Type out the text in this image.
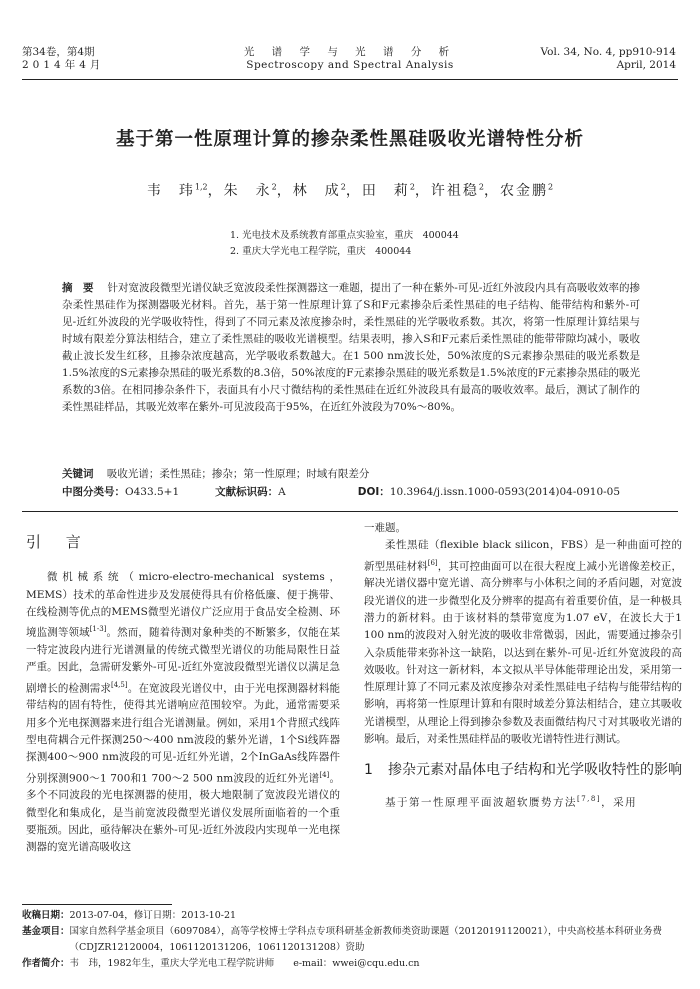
第34卷，第4期
2014年4月
光 谱 学 与 光 谱 分 析
Spectroscopy and Spectral Analysis
Vol. 34, No. 4, pp910-914
April, 2014
基于第一性原理计算的掺杂柔性黑硅吸收光谱特性分析
韦　玮$^{1,2}$，朱　永$^2$，林　成$^2$，田　莉$^2$，许祖稳$^2$，农金鹏$^2$
1. 光电技术及系统教育部重点实验室，重庆　400044
2. 重庆大学光电工程学院，重庆　400044
摘　要 针对宽波段微型光谱仪缺乏宽波段柔性探测器这一难题，提出了一种在紫外-可见-近红外波段内具有高吸收效率的掺杂柔性黑硅作为探测器吸光材料。首先，基于第一性原理计算了S和F元素掺杂后柔性黑硅的电子结构、能带结构和紫外-可见-近红外波段的光学吸收特性，得到了不同元素及浓度掺杂时，柔性黑硅的光学吸收系数。其次，将第一性原理计算结果与时域有限差分算法相结合，建立了柔性黑硅的吸收光谱模型。结果表明，掺入S和F元素后柔性黑硅的能带带隙均减小，吸收截止波长发生红移，且掺杂浓度越高，光学吸收系数越大。在1 500 nm波长处，50%浓度的S元素掺杂黑硅的吸光系数是1.5%浓度的S元素掺杂黑硅的吸光系数的8.3倍，50%浓度的F元素掺杂黑硅的吸光系数是1.5%浓度的F元素掺杂黑硅的吸光系数的3倍。在相同掺杂条件下，表面具有小尺寸微结构的柔性黑硅在近红外波段具有最高的吸收效率。最后，测试了制作的柔性黑硅样品，其吸光效率在紫外-可见波段高于95%，在近红外波段为70%～80%。
关键词 吸收光谱；柔性黑硅；掺杂；第一性原理；时域有限差分
中图分类号：O433.5+1	文献标识码：A	DOI：10.3964/j.issn.1000-0593(2014)04-0910-05
引 言

微机械系统（micro-electro-mechanical systems，MEMS）技术的革命性进步及发展使得具有价格低廉、便于携带、在线检测等优点的MEMS微型光谱仪广泛应用于食品安全检测、环境监测等领域[1-3]。然而，随着待测对象种类的不断繁多，仅能在某一特定波段内进行光谱测量的传统式微型光谱仪的功能局限性日益严重。因此，急需研发紫外-可见-近红外宽波段微型光谱仪以满足急剧增长的检测需求[4,5]。在宽波段光谱仪中，由于光电探测器材料能带结构的固有特性，使得其光谱响应范围较窄。为此，通常需要采用多个光电探测器来进行组合光谱测量。例如，采用1个背照式线阵型电荷耦合元件探测250～400 nm波段的紫外光谱，1个Si线阵器探测400～900 nm波段的可见-近红外光谱，2个InGaAs线阵器件分别探测900～1 700和1 700～2 500 nm波段的近红外光谱[4]。多个不同波段的光电探测器的使用，极大地限制了宽波段光谱仪的微型化和集成化，是当前宽波段微型光谱仪发展所面临着的一个重要瓶颈。因此，亟待解决在紫外-可见-近红外波段内实现单一光电探测器的宽光谱高吸收这

一难题。

柔性黑硅（flexible black silicon，FBS）是一种曲面可控的新型黑硅材料[6]，其可控曲面可以在很大程度上减小光谱像差校正，解决光谱仪器中宽光谱、高分辨率与小体积之间的矛盾问题，对宽波段光谱仪的进一步微型化及分辨率的提高有着重要价值，是一种极具潜力的新材料。由于该材料的禁带宽度为1.07 eV，在波长大于1 100 nm的波段对入射光波的吸收非常微弱，因此，需要通过掺杂引入杂质能带来弥补这一缺陷，以达到在紫外-可见-近红外宽波段的高效吸收。针对这一新材料，本文拟从半导体能带理论出发，采用第一性原理计算了不同元素及浓度掺杂对柔性黑硅电子结构与能带结构的影响，再将第一性原理计算和有限时域差分算法相结合，建立其吸收光谱模型，从理论上得到掺杂参数及表面微结构尺寸对其吸收光谱的影响。最后，对柔性黑硅样品的吸收光谱特性进行测试。

1	掺杂元素对晶体电子结构和光学吸收特性的影响

基于第一性原理平面波超软赝势方法[7,8]，采用

收稿日期： 2013-07-04，修订日期：2013-10-21
基金项目： 国家自然科学基金项目（6097084），高等学校博士学科点专项科研基金新教师类资助课题（20120191120021），中央高校基本科研业务费（CDJZR12120004，1061120131206，1061120131208）资助
作者简介： 韦　玮，1982年生，重庆大学光电工程学院讲师　　e-mail：wwei@cqu.edu.cn
